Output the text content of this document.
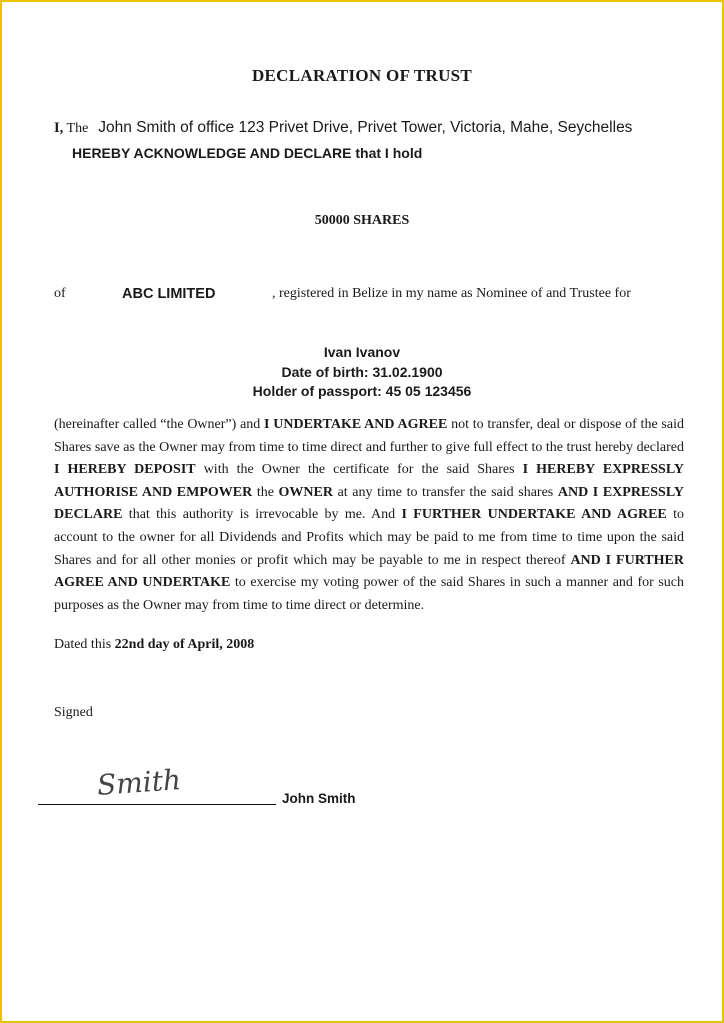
DECLARATION OF TRUST
I, The John Smith of office 123 Privet Drive, Privet Tower, Victoria, Mahe, Seychelles
HEREBY ACKNOWLEDGE AND DECLARE that I hold
50000 SHARES
of	ABC LIMITED	, registered in Belize in my name as Nominee of and Trustee for
Ivan Ivanov
Date of birth: 31.02.1900
Holder of passport: 45 05 123456
(hereinafter called “the Owner”) and I UNDERTAKE AND AGREE not to transfer, deal or dispose of the said Shares save as the Owner may from time to time direct and further to give full effect to the trust hereby declared I HEREBY DEPOSIT with the Owner the certificate for the said Shares I HEREBY EXPRESSLY AUTHORISE AND EMPOWER the OWNER at any time to transfer the said shares AND I EXPRESSLY DECLARE that this authority is irrevocable by me. And I FURTHER UNDERTAKE AND AGREE to account to the owner for all Dividends and Profits which may be paid to me from time to time upon the said Shares and for all other monies or profit which may be payable to me in respect thereof AND I FURTHER AGREE AND UNDERTAKE to exercise my voting power of the said Shares in such a manner and for such purposes as the Owner may from time to time direct or determine.
Dated this 22nd day of April, 2008
Signed
Smith	John Smith
